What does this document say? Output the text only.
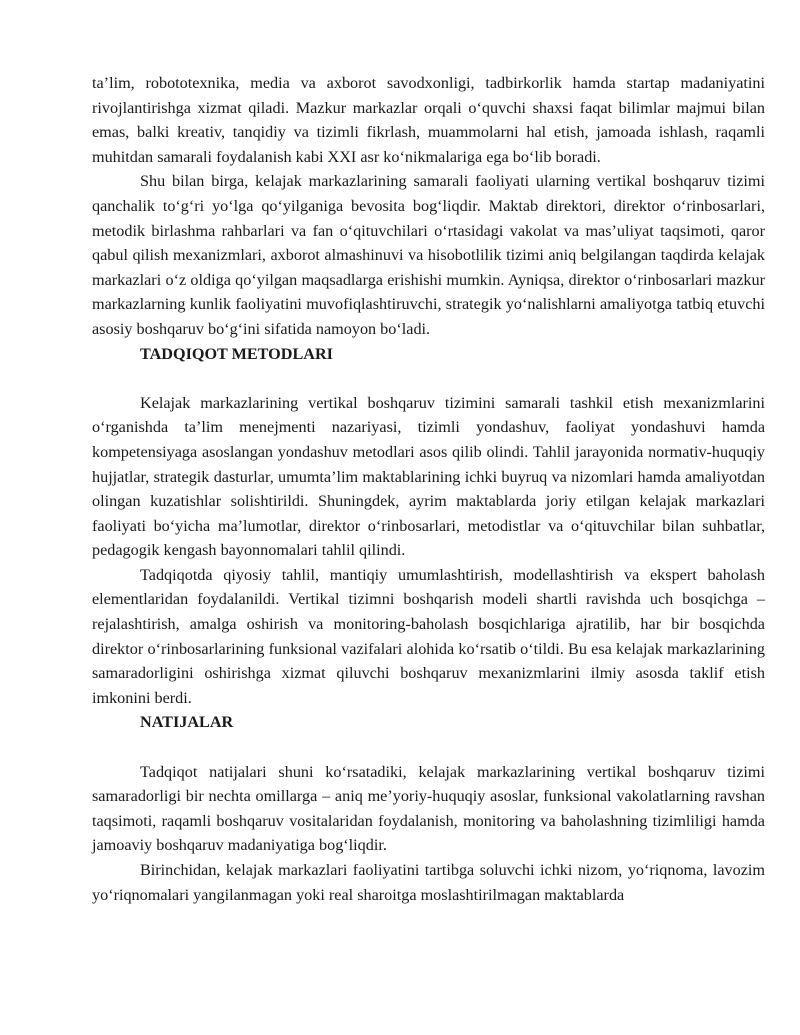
ta’lim, robototexnika, media va axborot savodxonligi, tadbirkorlik hamda startap madaniyatini rivojlantirishga xizmat qiladi. Mazkur markazlar orqali o‘quvchi shaxsi faqat bilimlar majmui bilan emas, balki kreativ, tanqidiy va tizimli fikrlash, muammolarni hal etish, jamoada ishlash, raqamli muhitdan samarali foydalanish kabi XXI asr ko‘nikmalariga ega bo‘lib boradi.

Shu bilan birga, kelajak markazlarining samarali faoliyati ularning vertikal boshqaruv tizimi qanchalik to‘g‘ri yo‘lga qo‘yilganiga bevosita bog‘liqdir. Maktab direktori, direktor o‘rinbosarlari, metodik birlashma rahbarlari va fan o‘qituvchilari o‘rtasidagi vakolat va mas’uliyat taqsimoti, qaror qabul qilish mexanizmlari, axborot almashinuvi va hisobotlilik tizimi aniq belgilangan taqdirda kelajak markazlari o‘z oldiga qo‘yilgan maqsadlarga erishishi mumkin. Ayniqsa, direktor o‘rinbosarlari mazkur markazlarning kunlik faoliyatini muvofiqlashtiruvchi, strategik yo‘nalishlarni amaliyotga tatbiq etuvchi asosiy boshqaruv bo‘g‘ini sifatida namoyon bo‘ladi.

TADQIQOT METODLARI

Kelajak markazlarining vertikal boshqaruv tizimini samarali tashkil etish mexanizmlarini o‘rganishda ta’lim menejmenti nazariyasi, tizimli yondashuv, faoliyat yondashuvi hamda kompetensiyaga asoslangan yondashuv metodlari asos qilib olindi. Tahlil jarayonida normativ-huquqiy hujjatlar, strategik dasturlar, umumta’lim maktablarining ichki buyruq va nizomlari hamda amaliyotdan olingan kuzatishlar solishtirildi. Shuningdek, ayrim maktablarda joriy etilgan kelajak markazlari faoliyati bo‘yicha ma’lumotlar, direktor o‘rinbosarlari, metodistlar va o‘qituvchilar bilan suhbatlar, pedagogik kengash bayonnomalari tahlil qilindi.

Tadqiqotda qiyosiy tahlil, mantiqiy umumlashtirish, modellashtirish va ekspert baholash elementlaridan foydalanildi. Vertikal tizimni boshqarish modeli shartli ravishda uch bosqichga – rejalashtirish, amalga oshirish va monitoring-baholash bosqichlariga ajratilib, har bir bosqichda direktor o‘rinbosarlarining funksional vazifalari alohida ko‘rsatib o‘tildi. Bu esa kelajak markazlarining samaradorligini oshirishga xizmat qiluvchi boshqaruv mexanizmlarini ilmiy asosda taklif etish imkonini berdi.

NATIJALAR

Tadqiqot natijalari shuni ko‘rsatadiki, kelajak markazlarining vertikal boshqaruv tizimi samaradorligi bir nechta omillarga – aniq me’yoriy-huquqiy asoslar, funksional vakolatlarning ravshan taqsimoti, raqamli boshqaruv vositalaridan foydalanish, monitoring va baholashning tizimliligi hamda jamoaviy boshqaruv madaniyatiga bog‘liqdir.

Birinchidan, kelajak markazlari faoliyatini tartibga soluvchi ichki nizom, yo‘riqnoma, lavozim yo‘riqnomalari yangilanmagan yoki real sharoitga moslashtirilmagan maktablarda
